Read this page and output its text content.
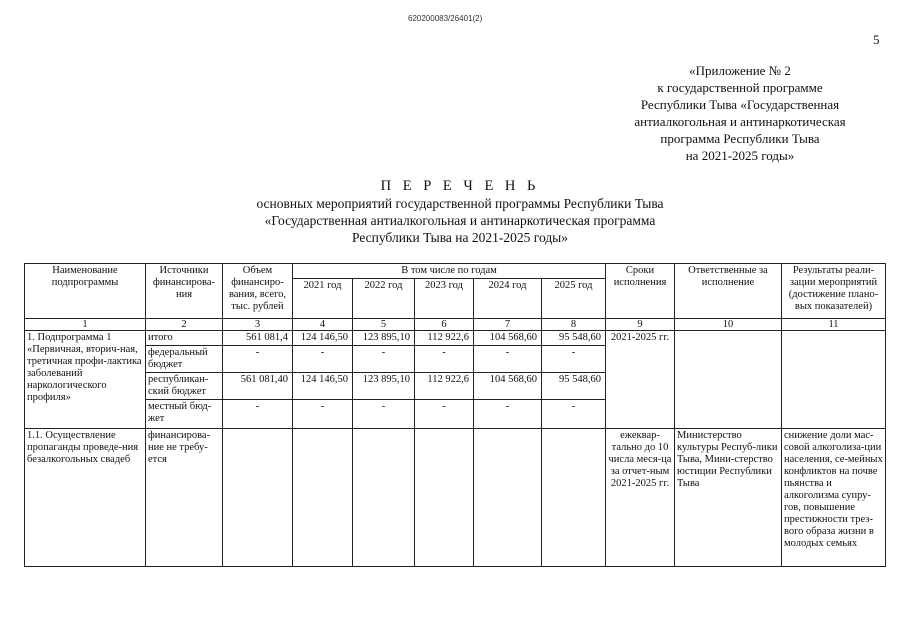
620200083/26401(2)
5
«Приложение № 2
к государственной программе
Республики Тыва «Государственная
антиалкогольная и антинаркотическая
программа Республики Тыва
на 2021-2025 годы»
П Е Р Е Ч Е Н Ь
основных мероприятий государственной программы Республики Тыва
«Государственная антиалкогольная и антинаркотическая программа
Республики Тыва на 2021-2025 годы»
Наименование подпрограммы	Источники финансирова-ния	Объем финансиро-вания, всего, тыс. рублей	В том числе по годам					Сроки исполнения	Ответственные за исполнение	Результаты реали-зации мероприятий (достижение плано-вых показателей)
			2021 год	2022 год	2023 год	2024 год	2025 год			
1	2	3	4	5	6	7	8	9	10	11
1. Подпрограмма 1 «Первичная, вторич-ная, третичная профи-лактика заболеваний наркологического профиля»	итого	561 081,4	124 146,50	123 895,10	112 922,6	104 568,60	95 548,60	2021-2025 гг.		
	федеральный бюджет	-	-	-	-	-	-			
	республикан-ский бюджет	561 081,40	124 146,50	123 895,10	112 922,6	104 568,60	95 548,60			
	местный бюд-жет	-	-	-	-	-	-			
1.1. Осуществление пропаганды проведе-ния безалкогольных свадеб	финансирова-ние не требу-ется							ежеквар-тально до 10 числа меся-ца за отчет-ным 2021-2025 гг.	Министерство культуры Респуб-лики Тыва, Мини-стерство юстиции Республики Тыва	снижение доли мас-совой алкоголиза-ции населения, се-мейных конфликтов на почве пьянства и алкоголизма супру-гов, повышение престижности трез-вого образа жизни в молодых семьях
